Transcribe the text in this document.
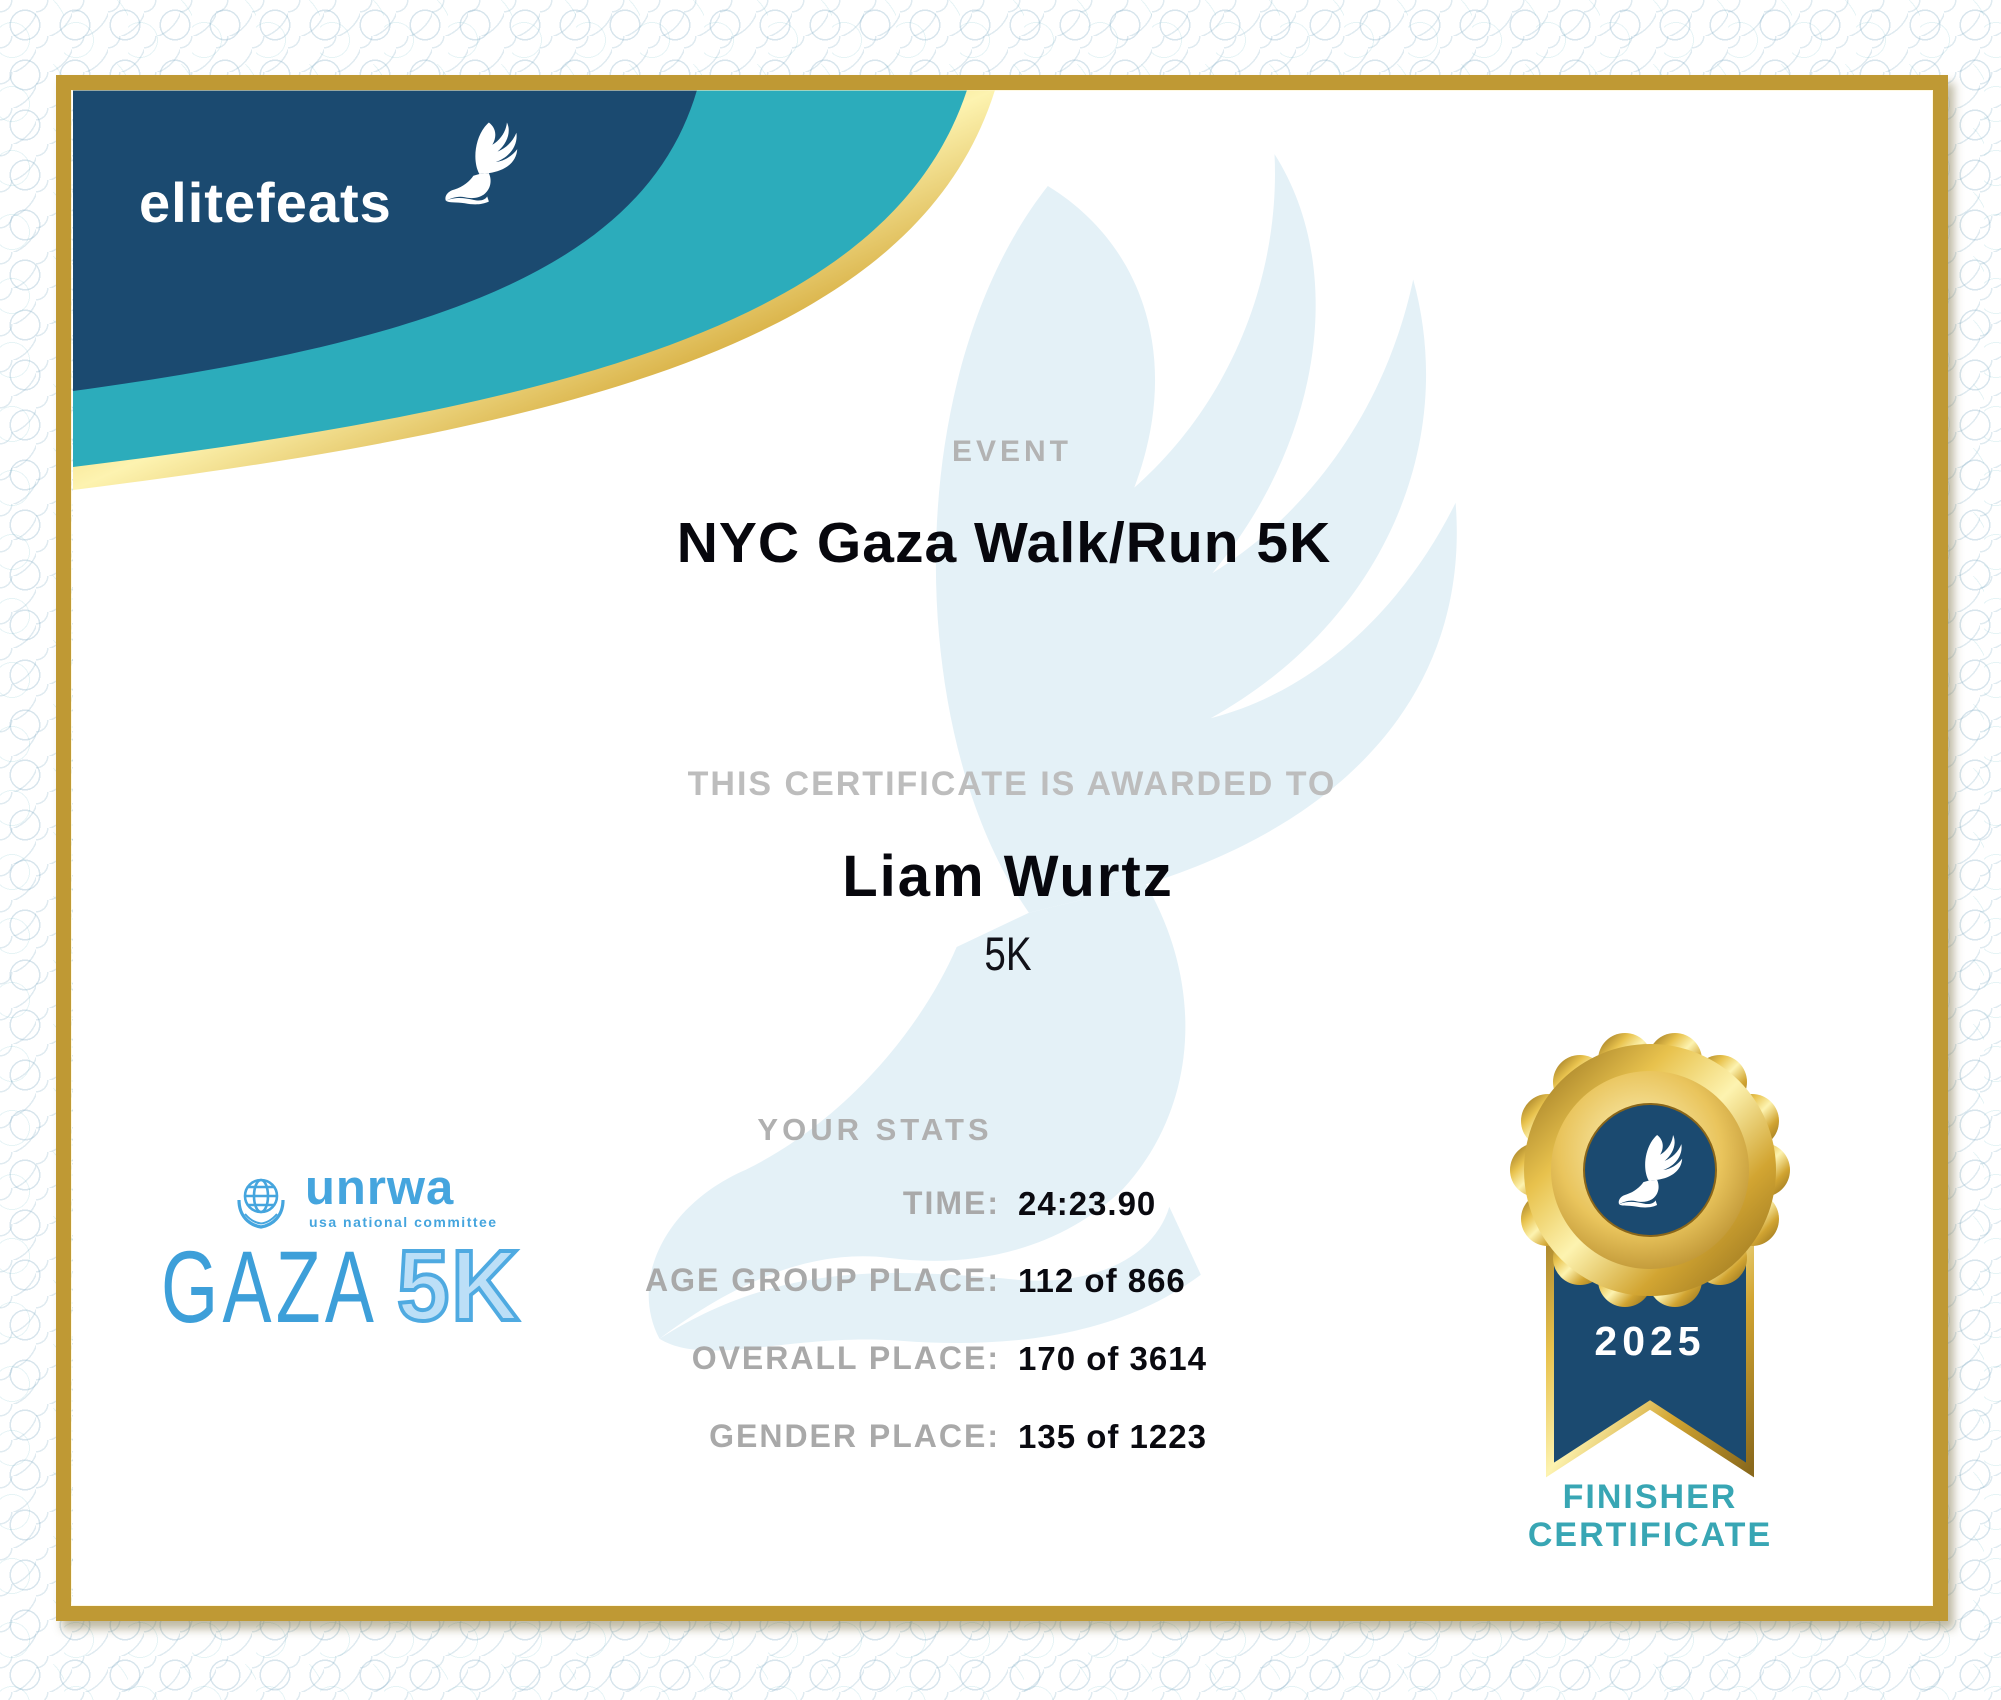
elitefeats
EVENT
NYC Gaza Walk/Run 5K
THIS CERTIFICATE IS AWARDED TO
Liam Wurtz
5K
YOUR STATS
TIME: 24:23.90
AGE GROUP PLACE: 112 of 866
OVERALL PLACE: 170 of 3614
GENDER PLACE: 135 of 1223
unrwa
usa national committee
GAZA 5K	2025
FINISHER
CERTIFICATE
